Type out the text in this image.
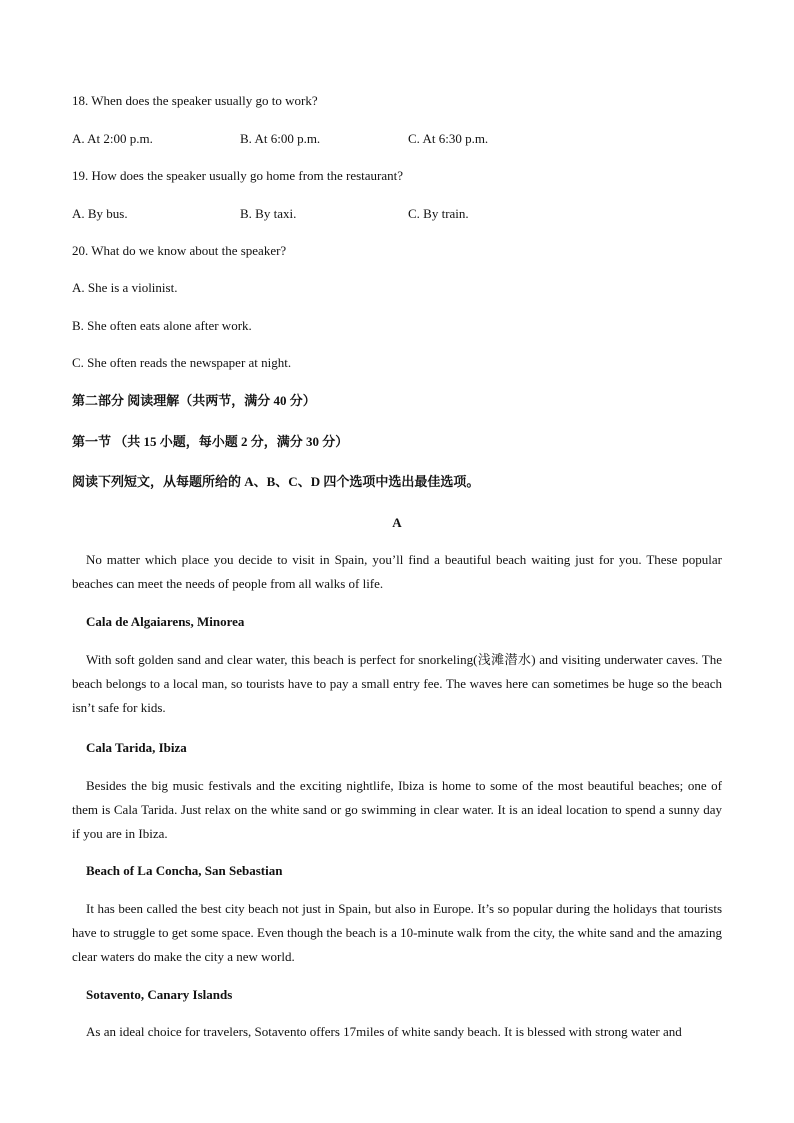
18. When does the speaker usually go to work?
A. At 2:00 p.m.	B. At 6:00 p.m.	C. At 6:30 p.m.
19. How does the speaker usually go home from the restaurant?
A. By bus.	B. By taxi.	C. By train.
20. What do we know about the speaker?
A. She is a violinist.
B. She often eats alone after work.
C. She often reads the newspaper at night.
第二部分 阅读理解（共两节，满分 40 分）
第一节 （共 15 小题，每小题 2 分，满分 30 分）
阅读下列短文，从每题所给的 A、B、C、D 四个选项中选出最佳选项。
A
No matter which place you decide to visit in Spain, you’ll find a beautiful beach waiting just for you. These popular beaches can meet the needs of people from all walks of life.
Cala de Algaiarens, Minorea
With soft golden sand and clear water, this beach is perfect for snorkeling(浅滩潜水) and visiting underwater caves. The beach belongs to a local man, so tourists have to pay a small entry fee. The waves here can sometimes be huge so the beach isn’t safe for kids.
Cala Tarida, Ibiza
Besides the big music festivals and the exciting nightlife, Ibiza is home to some of the most beautiful beaches; one of them is Cala Tarida. Just relax on the white sand or go swimming in clear water. It is an ideal location to spend a sunny day if you are in Ibiza.
Beach of La Concha, San Sebastian
It has been called the best city beach not just in Spain, but also in Europe. It’s so popular during the holidays that tourists have to struggle to get some space. Even though the beach is a 10-minute walk from the city, the white sand and the amazing clear waters do make the city a new world.
Sotavento, Canary Islands
As an ideal choice for travelers, Sotavento offers 17miles of white sandy beach. It is blessed with strong water and
